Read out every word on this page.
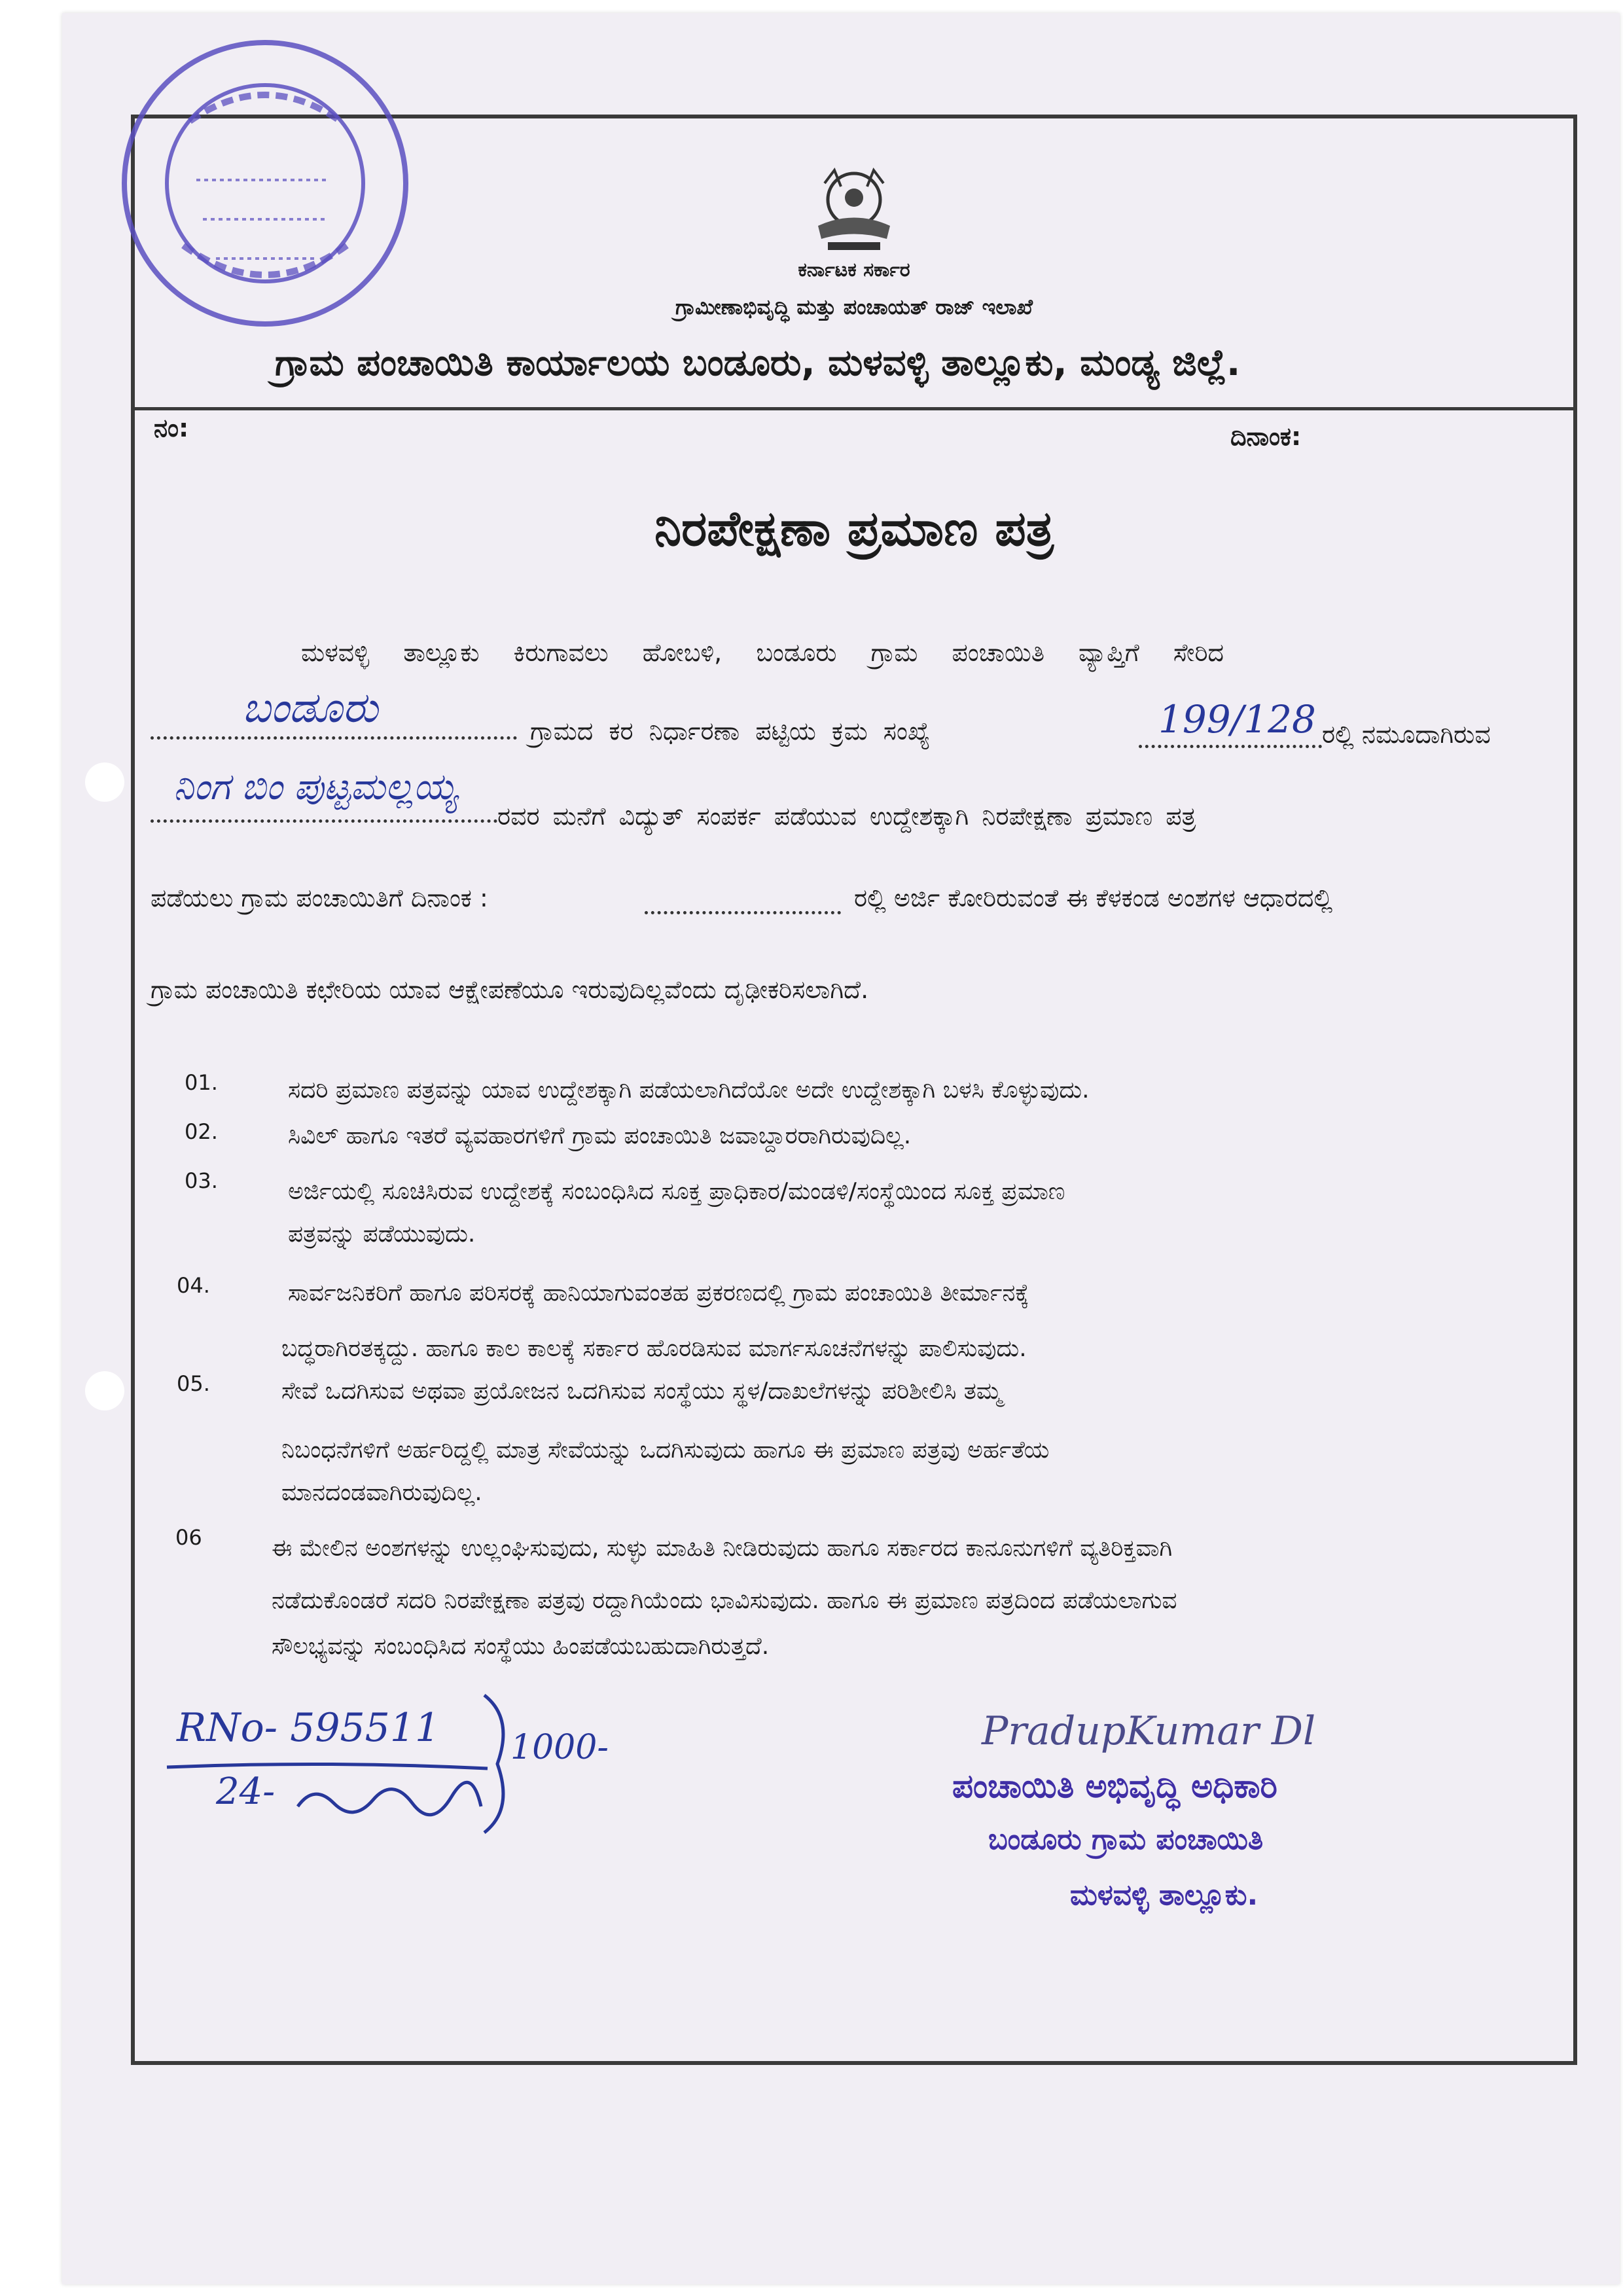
ಕರ್ನಾಟಕ ಸರ್ಕಾರ
ಗ್ರಾಮೀಣಾಭಿವೃದ್ಧಿ ಮತ್ತು ಪಂಚಾಯತ್ ರಾಜ್ ಇಲಾಖೆ
ಗ್ರಾಮ ಪಂಚಾಯಿತಿ ಕಾರ್ಯಾಲಯ ಬಂಡೂರು, ಮಳವಳ್ಳಿ ತಾಲ್ಲೂಕು, ಮಂಡ್ಯ ಜಿಲ್ಲೆ.
ನಂ:	ದಿನಾಂಕ:
ನಿರಪೇಕ್ಷಣಾ ಪ್ರಮಾಣ ಪತ್ರ
ಮಳವಳ್ಳಿ ತಾಲ್ಲೂಕು ಕಿರುಗಾವಲು ಹೋಬಳಿ, ಬಂಡೂರು ಗ್ರಾಮ ಪಂಚಾಯಿತಿ ವ್ಯಾಪ್ತಿಗೆ ಸೇರಿದ
ಬಂಡೂರು	ಗ್ರಾಮದ ಕರ ನಿರ್ಧಾರಣಾ ಪಟ್ಟಿಯ ಕ್ರಮ ಸಂಖ್ಯೆ	199/128 ರಲ್ಲಿ ನಮೂದಾಗಿರುವ
ನಿಂಗ ಬಿಂ ಪುಟ್ಟಮಲ್ಲಯ್ಯ
ರವರ ಮನೆಗೆ ವಿದ್ಯುತ್ ಸಂಪರ್ಕ ಪಡೆಯುವ ಉದ್ದೇಶಕ್ಕಾಗಿ ನಿರಪೇಕ್ಷಣಾ ಪ್ರಮಾಣ ಪತ್ರ
ಪಡೆಯಲು ಗ್ರಾಮ ಪಂಚಾಯಿತಿಗೆ ದಿನಾಂಕ :	ರಲ್ಲಿ ಅರ್ಜಿ ಕೋರಿರುವಂತೆ ಈ ಕೆಳಕಂಡ ಅಂಶಗಳ ಆಧಾರದಲ್ಲಿ
ಗ್ರಾಮ ಪಂಚಾಯಿತಿ ಕಛೇರಿಯ ಯಾವ ಆಕ್ಷೇಪಣೆಯೂ ಇರುವುದಿಲ್ಲವೆಂದು ದೃಢೀಕರಿಸಲಾಗಿದೆ.
01.	ಸದರಿ ಪ್ರಮಾಣ ಪತ್ರವನ್ನು ಯಾವ ಉದ್ದೇಶಕ್ಕಾಗಿ ಪಡೆಯಲಾಗಿದೆಯೋ ಅದೇ ಉದ್ದೇಶಕ್ಕಾಗಿ ಬಳಸಿ ಕೊಳ್ಳುವುದು.
02.	ಸಿವಿಲ್ ಹಾಗೂ ಇತರೆ ವ್ಯವಹಾರಗಳಿಗೆ ಗ್ರಾಮ ಪಂಚಾಯಿತಿ ಜವಾಬ್ದಾರರಾಗಿರುವುದಿಲ್ಲ.
03.	ಅರ್ಜಿಯಲ್ಲಿ ಸೂಚಿಸಿರುವ ಉದ್ದೇಶಕ್ಕೆ ಸಂಬಂಧಿಸಿದ ಸೂಕ್ತ ಪ್ರಾಧಿಕಾರ/ಮಂಡಳಿ/ಸಂಸ್ಥೆಯಿಂದ ಸೂಕ್ತ ಪ್ರಮಾಣ
ಪತ್ರವನ್ನು ಪಡೆಯುವುದು.
04.	ಸಾರ್ವಜನಿಕರಿಗೆ ಹಾಗೂ ಪರಿಸರಕ್ಕೆ ಹಾನಿಯಾಗುವಂತಹ ಪ್ರಕರಣದಲ್ಲಿ ಗ್ರಾಮ ಪಂಚಾಯಿತಿ ತೀರ್ಮಾನಕ್ಕೆ
ಬದ್ಧರಾಗಿರತಕ್ಕದ್ದು. ಹಾಗೂ ಕಾಲ ಕಾಲಕ್ಕೆ ಸರ್ಕಾರ ಹೊರಡಿಸುವ ಮಾರ್ಗಸೂಚನೆಗಳನ್ನು ಪಾಲಿಸುವುದು.
05.	ಸೇವೆ ಒದಗಿಸುವ ಅಥವಾ ಪ್ರಯೋಜನ ಒದಗಿಸುವ ಸಂಸ್ಥೆಯು ಸ್ಥಳ/ದಾಖಲೆಗಳನ್ನು ಪರಿಶೀಲಿಸಿ ತಮ್ಮ
ನಿಬಂಧನೆಗಳಿಗೆ ಅರ್ಹರಿದ್ದಲ್ಲಿ ಮಾತ್ರ ಸೇವೆಯನ್ನು ಒದಗಿಸುವುದು ಹಾಗೂ ಈ ಪ್ರಮಾಣ ಪತ್ರವು ಅರ್ಹತೆಯ
ಮಾನದಂಡವಾಗಿರುವುದಿಲ್ಲ.
06	ಈ ಮೇಲಿನ ಅಂಶಗಳನ್ನು ಉಲ್ಲಂಘಿಸುವುದು, ಸುಳ್ಳು ಮಾಹಿತಿ ನೀಡಿರುವುದು ಹಾಗೂ ಸರ್ಕಾರದ ಕಾನೂನುಗಳಿಗೆ ವ್ಯತಿರಿಕ್ತವಾಗಿ
ನಡೆದುಕೊಂಡರೆ ಸದರಿ ನಿರಪೇಕ್ಷಣಾ ಪತ್ರವು ರದ್ದಾಗಿಯೆಂದು ಭಾವಿಸುವುದು. ಹಾಗೂ ಈ ಪ್ರಮಾಣ ಪತ್ರದಿಂದ ಪಡೆಯಲಾಗುವ
ಸೌಲಭ್ಯವನ್ನು ಸಂಬಂಧಿಸಿದ ಸಂಸ್ಥೆಯು ಹಿಂಪಡೆಯಬಹುದಾಗಿರುತ್ತದೆ.
RNo- 595511
24-
1000-	PradupKumar Dl
ಪಂಚಾಯಿತಿ ಅಭಿವೃದ್ಧಿ ಅಧಿಕಾರಿ
ಬಂಡೂರು ಗ್ರಾಮ ಪಂಚಾಯಿತಿ
ಮಳವಳ್ಳಿ ತಾಲ್ಲೂಕು.
